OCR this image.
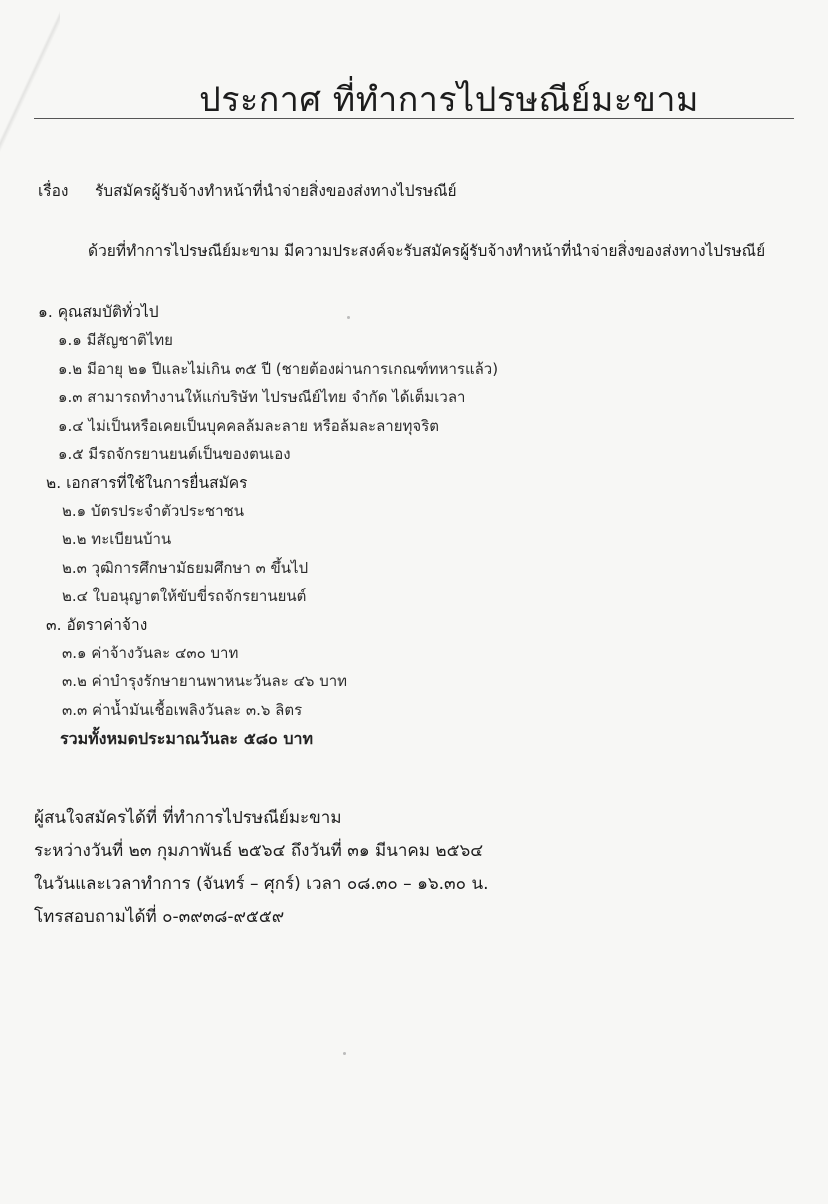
ประกาศ ที่ทำการไปรษณีย์มะขาม
เรื่อง รับสมัครผู้รับจ้างทำหน้าที่นำจ่ายสิ่งของส่งทางไปรษณีย์
ด้วยที่ทำการไปรษณีย์มะขาม มีความประสงค์จะรับสมัครผู้รับจ้างทำหน้าที่นำจ่ายสิ่งของส่งทางไปรษณีย์
๑. คุณสมบัติทั่วไป
๑.๑ มีสัญชาติไทย
๑.๒ มีอายุ ๒๑ ปีและไม่เกิน ๓๕ ปี (ชายต้องผ่านการเกณฑ์ทหารแล้ว)
๑.๓ สามารถทำงานให้แก่บริษัท ไปรษณีย์ไทย จำกัด ได้เต็มเวลา
๑.๔ ไม่เป็นหรือเคยเป็นบุคคลล้มละลาย หรือล้มละลายทุจริต
๑.๕ มีรถจักรยานยนต์เป็นของตนเอง
๒. เอกสารที่ใช้ในการยื่นสมัคร
๒.๑ บัตรประจำตัวประชาชน
๒.๒ ทะเบียนบ้าน
๒.๓ วุฒิการศึกษามัธยมศึกษา ๓ ขึ้นไป
๒.๔ ใบอนุญาตให้ขับขี่รถจักรยานยนต์
๓. อัตราค่าจ้าง
๓.๑ ค่าจ้างวันละ ๔๓๐ บาท
๓.๒ ค่าบำรุงรักษายานพาหนะวันละ ๔๖ บาท
๓.๓ ค่าน้ำมันเชื้อเพลิงวันละ ๓.๖ ลิตร
รวมทั้งหมดประมาณวันละ ๕๘๐ บาท
ผู้สนใจสมัครได้ที่ ที่ทำการไปรษณีย์มะขาม
ระหว่างวันที่ ๒๓ กุมภาพันธ์ ๒๕๖๔ ถึงวันที่ ๓๑ มีนาคม ๒๕๖๔
ในวันและเวลาทำการ (จันทร์ – ศุกร์) เวลา ๐๘.๓๐ – ๑๖.๓๐ น.
โทรสอบถามได้ที่ ๐-๓๙๓๘-๙๕๕๙
